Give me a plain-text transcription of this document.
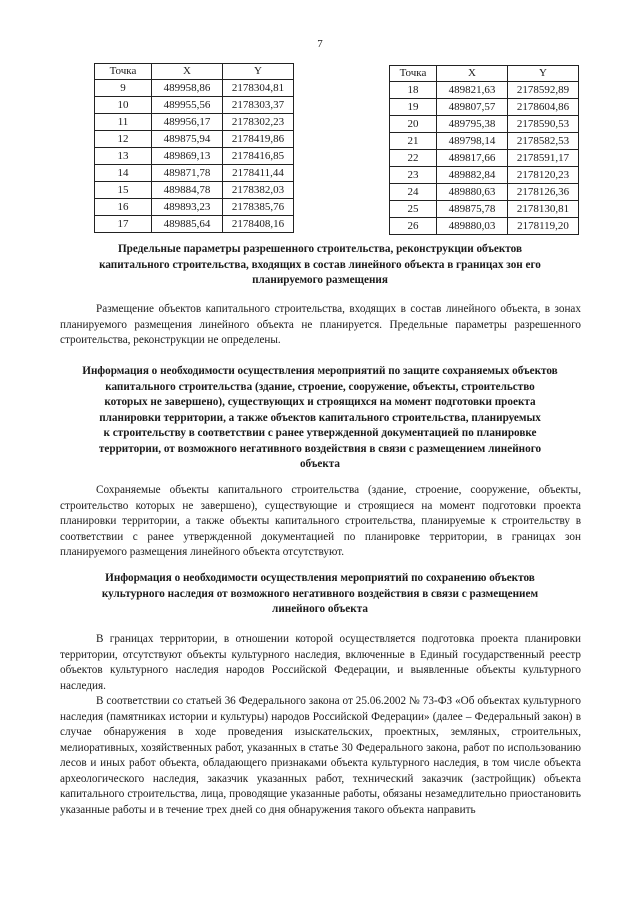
7
Точка	X	Y
9	489958,86	2178304,81
10	489955,56	2178303,37
11	489956,17	2178302,23
12	489875,94	2178419,86
13	489869,13	2178416,85
14	489871,78	2178411,44
15	489884,78	2178382,03
16	489893,23	2178385,76
17	489885,64	2178408,16
Точка	X	Y
18	489821,63	2178592,89
19	489807,57	2178604,86
20	489795,38	2178590,53
21	489798,14	2178582,53
22	489817,66	2178591,17
23	489882,84	2178120,23
24	489880,63	2178126,36
25	489875,78	2178130,81
26	489880,03	2178119,20
Предельные параметры разрешенного строительства, реконструкции объектов
капитального строительства, входящих в состав линейного объекта в границах зон его
планируемого размещения
Размещение объектов капитального строительства, входящих в состав линейного объекта, в зонах планируемого размещения линейного объекта не планируется. Предельные параметры разрешенного строительства, реконструкции не определены.
Информация о необходимости осуществления мероприятий по защите сохраняемых объектов
капитального строительства (здание, строение, сооружение, объекты, строительство
которых не завершено), существующих и строящихся на момент подготовки проекта
планировки территории, а также объектов капитального строительства, планируемых
к строительству в соответствии с ранее утвержденной документацией по планировке
территории, от возможного негативного воздействия в связи с размещением линейного
объекта
Сохраняемые объекты капитального строительства (здание, строение, сооружение, объекты, строительство которых не завершено), существующие и строящиеся на момент подготовки проекта планировки территории, а также объекты капитального строительства, планируемые к строительству в соответствии с ранее утвержденной документацией по планировке территории, в границах зон планируемого размещения линейного объекта отсутствуют.
Информация о необходимости осуществления мероприятий по сохранению объектов
культурного наследия от возможного негативного воздействия в связи с размещением
линейного объекта
В границах территории, в отношении которой осуществляется подготовка проекта планировки территории, отсутствуют объекты культурного наследия, включенные в Единый государственный реестр объектов культурного наследия народов Российской Федерации, и выявленные объекты культурного наследия.
В соответствии со статьей 36 Федерального закона от 25.06.2002 № 73-ФЗ «Об объектах культурного наследия (памятниках истории и культуры) народов Российской Федерации» (далее – Федеральный закон) в случае обнаружения в ходе проведения изыскательских, проектных, земляных, строительных, мелиоративных, хозяйственных работ, указанных в статье 30 Федерального закона, работ по использованию лесов и иных работ объекта, обладающего признаками объекта культурного наследия, в том числе объекта археологического наследия, заказчик указанных работ, технический заказчик (застройщик) объекта капитального строительства, лица, проводящие указанные работы, обязаны незамедлительно приостановить указанные работы и в течение трех дней со дня обнаружения такого объекта направить
